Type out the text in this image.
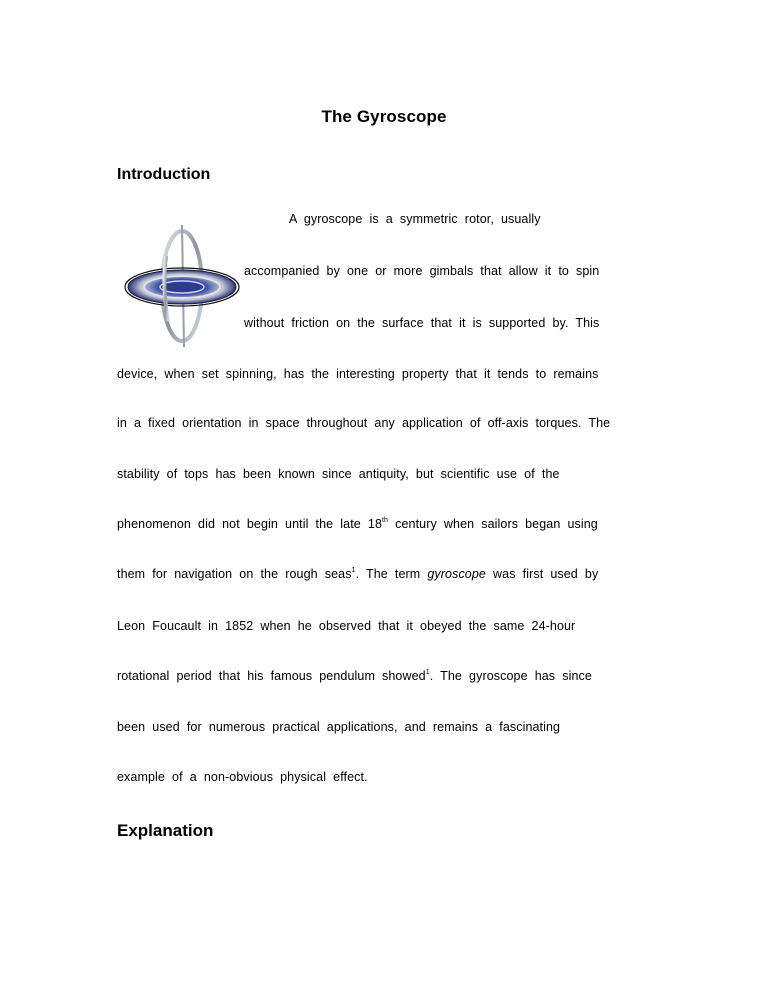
The Gyroscope
Introduction
A gyroscope is a symmetric rotor, usually
accompanied by one or more gimbals that allow it to spin
without friction on the surface that it is supported by. This
device, when set spinning, has the interesting property that it tends to remains
in a fixed orientation in space throughout any application of off-axis torques. The
stability of tops has been known since antiquity, but scientific use of the
phenomenon did not begin until the late 18th century when sailors began using
them for navigation on the rough seas$^1$. The term gyroscope was first used by
Leon Foucault in 1852 when he observed that it obeyed the same 24-hour
rotational period that his famous pendulum showed$^1$. The gyroscope has since
been used for numerous practical applications, and remains a fascinating
example of a non-obvious physical effect.
Explanation
